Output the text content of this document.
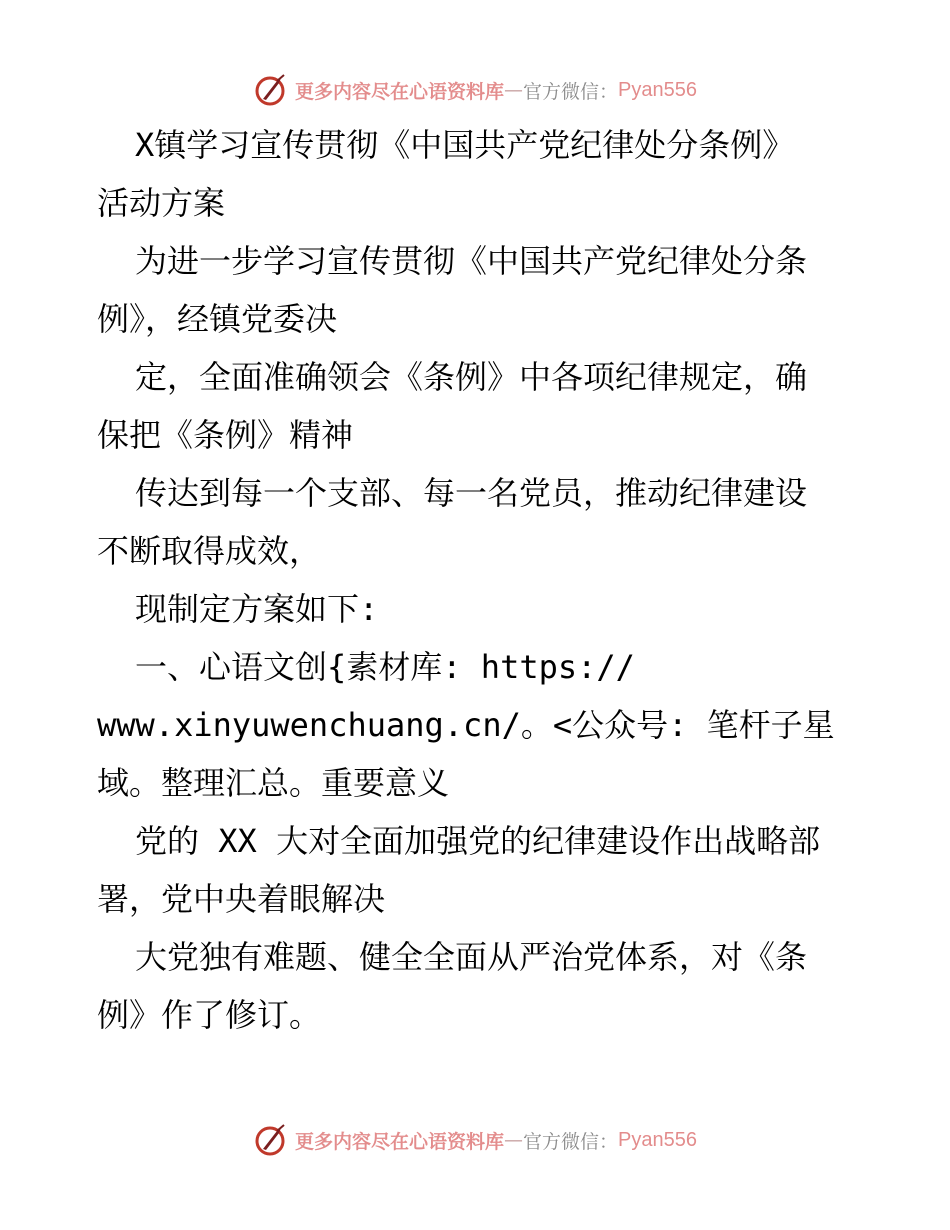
更多内容尽在心语资料库 — 官方微信： Pyan556
X镇学习宣传贯彻《中国共产党纪律处分条例》
活动方案
为进一步学习宣传贯彻《中国共产党纪律处分条
例》，经镇党委决
定，全面准确领会《条例》中各项纪律规定，确
保把《条例》精神
传达到每一个支部、每一名党员，推动纪律建设
不断取得成效，
现制定方案如下:
一、心语文创{素材库: https://
www.xinyuwenchuang.cn/。<公众号: 笔杆子星
域。整理汇总。重要意义
党的 XX 大对全面加强党的纪律建设作出战略部
署，党中央着眼解决
大党独有难题、健全全面从严治党体系，对《条
例》作了修订。
更多内容尽在心语资料库 — 官方微信： Pyan556
